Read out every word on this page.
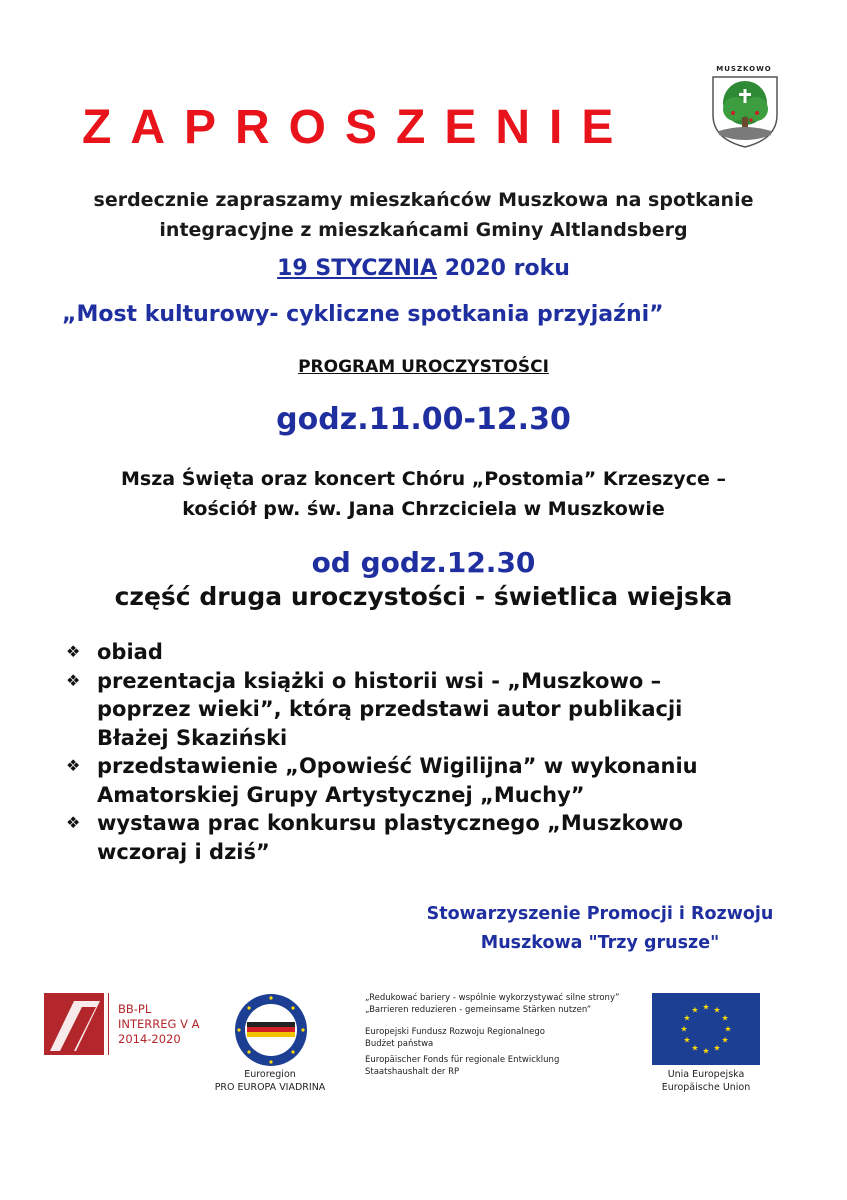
ZAPROSZENIE
MUSZKOWO
serdecznie zapraszamy mieszkańców Muszkowa na spotkanie
integracyjne z mieszkańcami Gminy Altlandsberg
19 STYCZNIA 2020 roku
„Most kulturowy- cykliczne spotkania przyjaźni”
PROGRAM UROCZYSTOŚCI
godz.11.00-12.30
Msza Święta oraz koncert Chóru „Postomia” Krzeszyce –
kościół pw. św. Jana Chrzciciela w Muszkowie
od godz.12.30
część druga uroczystości - świetlica wiejska
❖ obiad
❖ prezentacja książki o historii wsi - „Muszkowo –
poprzez wieki”, którą przedstawi autor publikacji
Błażej Skaziński
❖ przedstawienie „Opowieść Wigilijna” w wykonaniu
Amatorskiej Grupy Artystycznej „Muchy”
❖ wystawa prac konkursu plastycznego „Muszkowo
wczoraj i dziś”
Stowarzyszenie Promocji i Rozwoju
Muszkowa "Trzy grusze"
BB-PL
INTERREG V A
2014-2020
Euroregion
PRO EUROPA VIADRINA
„Redukować bariery - wspólnie wykorzystywać silne strony”
„Barrieren reduzieren - gemeinsame Stärken nutzen”
Europejski Fundusz Rozwoju Regionalnego
Budżet państwa
Europäischer Fonds für regionale Entwicklung
Staatshaushalt der RP
★ ★
★
★
★
★
★
★
★
★
★
★
Unia Europejska
Europäische Union
